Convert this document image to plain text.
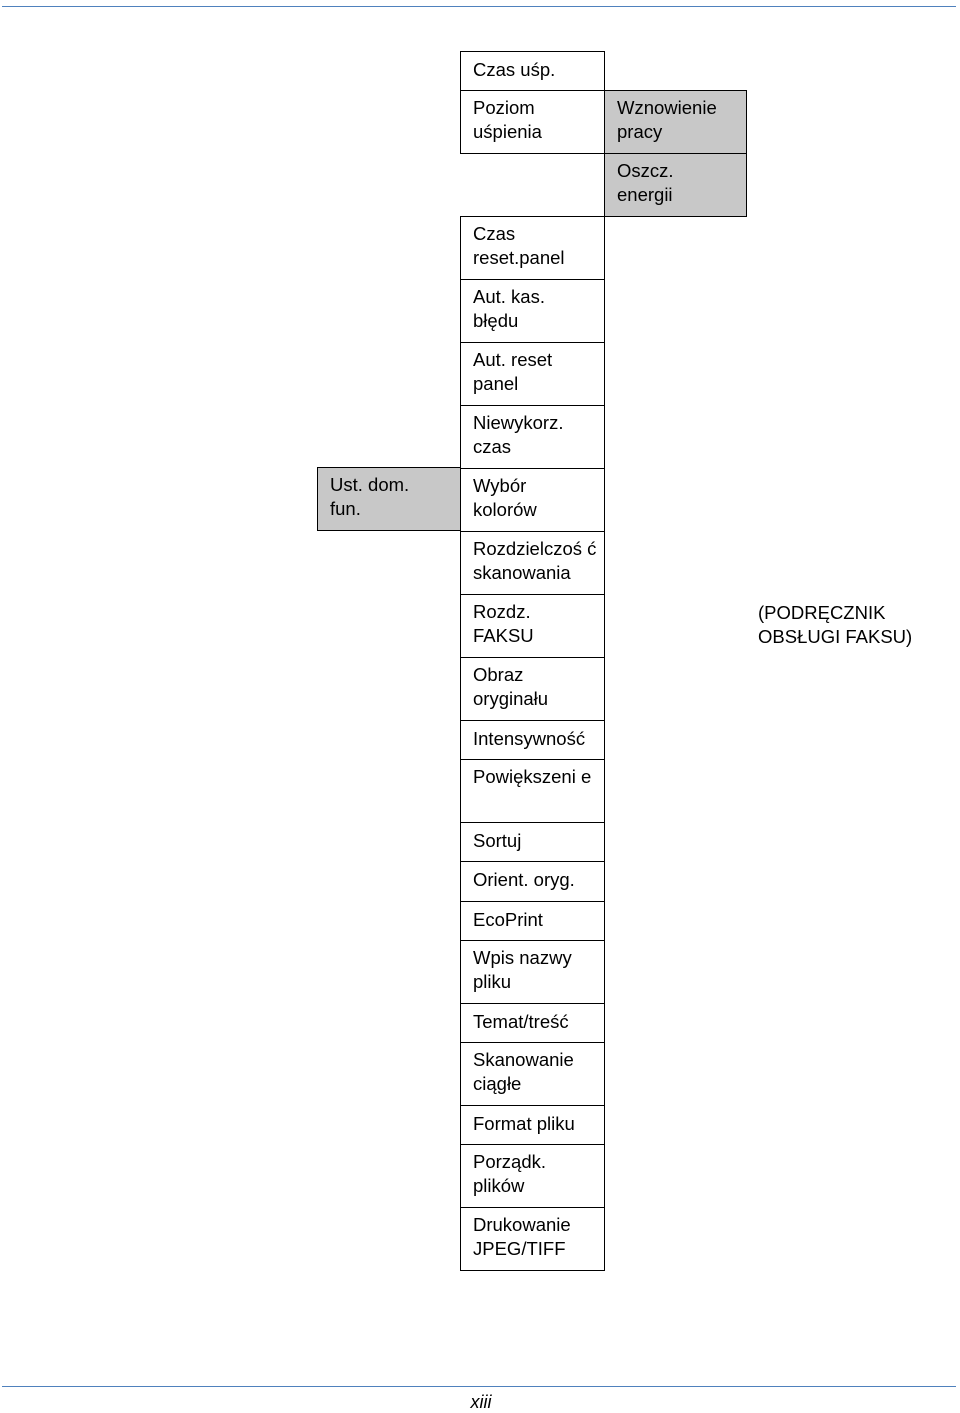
Ust. dom. fun.
Czas uśp.
Poziom uśpienia
Czas reset.panel
Aut. kas. błędu
Aut. reset panel
Niewykorz. czas
Wybór kolorów
Rozdzielczoś ć skanowania
Rozdz. FAKSU
Obraz oryginału
Intensywność
Powiększeni e
Sortuj
Orient. oryg.
EcoPrint
Wpis nazwy pliku
Temat/treść
Skanowanie ciągłe
Format pliku
Porządk. plików
Drukowanie JPEG/TIFF
Wznowienie pracy
Oszcz. energii
(PODRĘCZNIK OBSŁUGI FAKSU)
xiii
